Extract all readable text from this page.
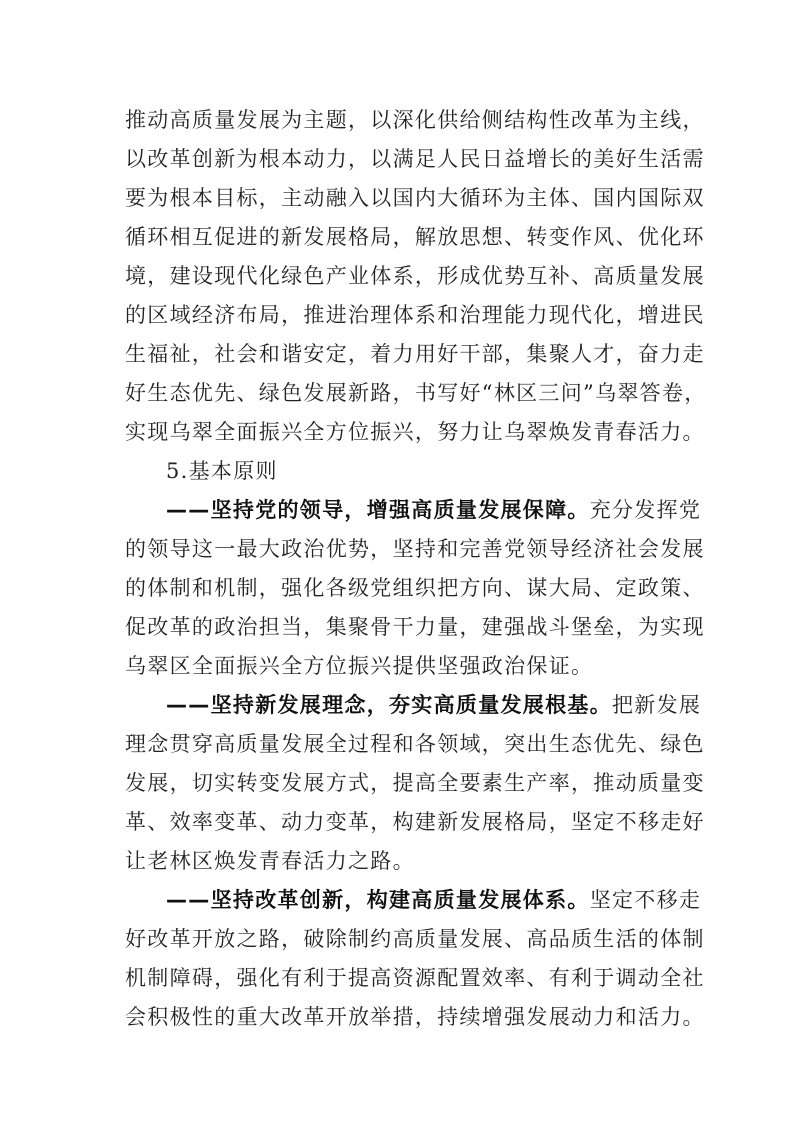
推动高质量发展为主题，以深化供给侧结构性改革为主线，
以改革创新为根本动力，以满足人民日益增长的美好生活需
要为根本目标，主动融入以国内大循环为主体、国内国际双
循环相互促进的新发展格局，解放思想、转变作风、优化环
境，建设现代化绿色产业体系，形成优势互补、高质量发展
的区域经济布局，推进治理体系和治理能力现代化，增进民
生福祉，社会和谐安定，着力用好干部，集聚人才，奋力走
好生态优先、绿色发展新路，书写好“林区三问”乌翠答卷，
实现乌翠全面振兴全方位振兴，努力让乌翠焕发青春活力。
5.基本原则
——坚持党的领导，增强高质量发展保障。充分发挥党
的领导这一最大政治优势，坚持和完善党领导经济社会发展
的体制和机制，强化各级党组织把方向、谋大局、定政策、
促改革的政治担当，集聚骨干力量，建强战斗堡垒，为实现
乌翠区全面振兴全方位振兴提供坚强政治保证。
——坚持新发展理念，夯实高质量发展根基。把新发展
理念贯穿高质量发展全过程和各领域，突出生态优先、绿色
发展，切实转变发展方式，提高全要素生产率，推动质量变
革、效率变革、动力变革，构建新发展格局，坚定不移走好
让老林区焕发青春活力之路。
——坚持改革创新，构建高质量发展体系。坚定不移走
好改革开放之路，破除制约高质量发展、高品质生活的体制
机制障碍，强化有利于提高资源配置效率、有利于调动全社
会积极性的重大改革开放举措，持续增强发展动力和活力。
